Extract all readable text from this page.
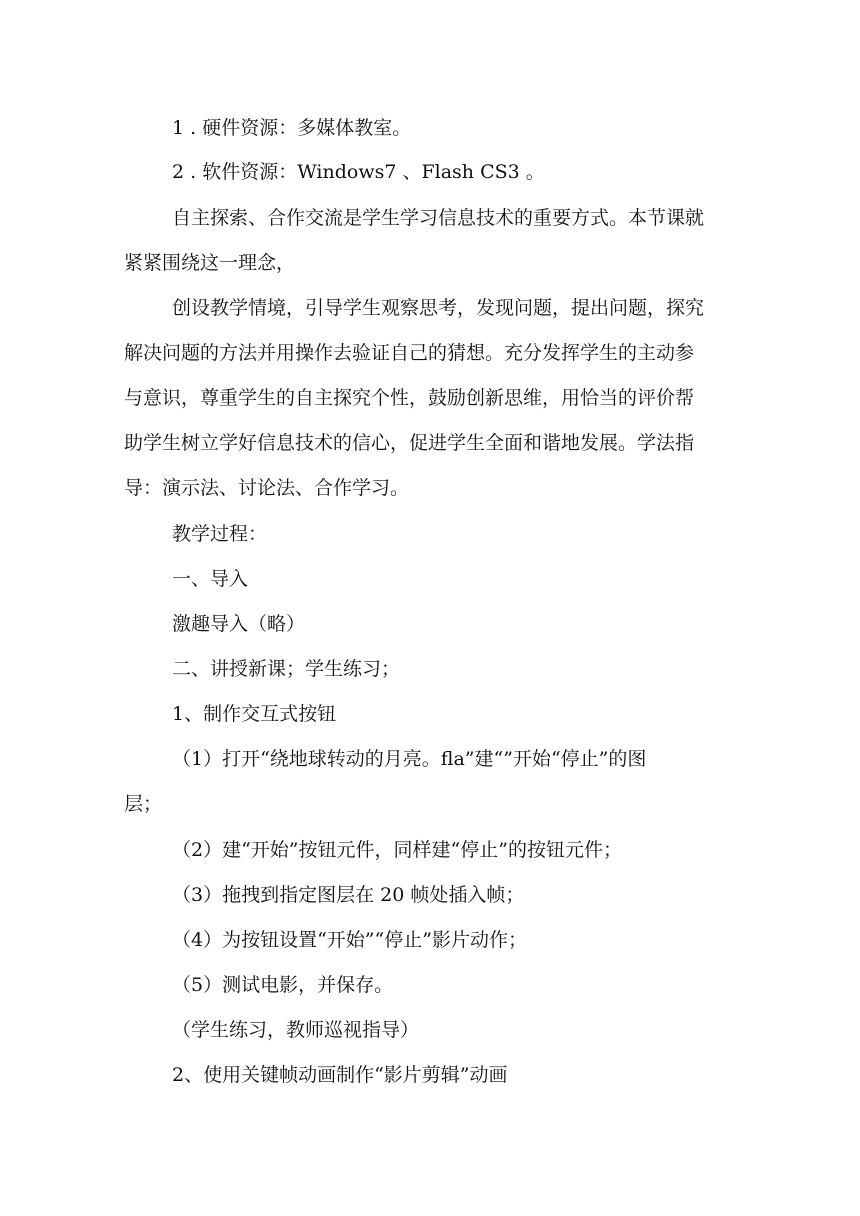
1 . 硬件资源：多媒体教室。
2 . 软件资源：Windows7 、Flash CS3 。
自主探索、合作交流是学生学习信息技术的重要方式。本节课就
紧紧围绕这一理念，
创设教学情境，引导学生观察思考，发现问题，提出问题，探究
解决问题的方法并用操作去验证自己的猜想。充分发挥学生的主动参
与意识，尊重学生的自主探究个性，鼓励创新思维，用恰当的评价帮
助学生树立学好信息技术的信心，促进学生全面和谐地发展。学法指
导：演示法、讨论法、合作学习。
教学过程：
一、导入
激趣导入（略）
二、讲授新课；学生练习；
1、制作交互式按钮
（1）打开“绕地球转动的月亮。fla”建“”开始“停止”的图
层；
（2）建“开始”按钮元件，同样建“停止”的按钮元件；
（3）拖拽到指定图层在 20 帧处插入帧；
（4）为按钮设置“开始”“停止”影片动作；
（5）测试电影，并保存。
（学生练习，教师巡视指导）
2、使用关键帧动画制作“影片剪辑”动画
